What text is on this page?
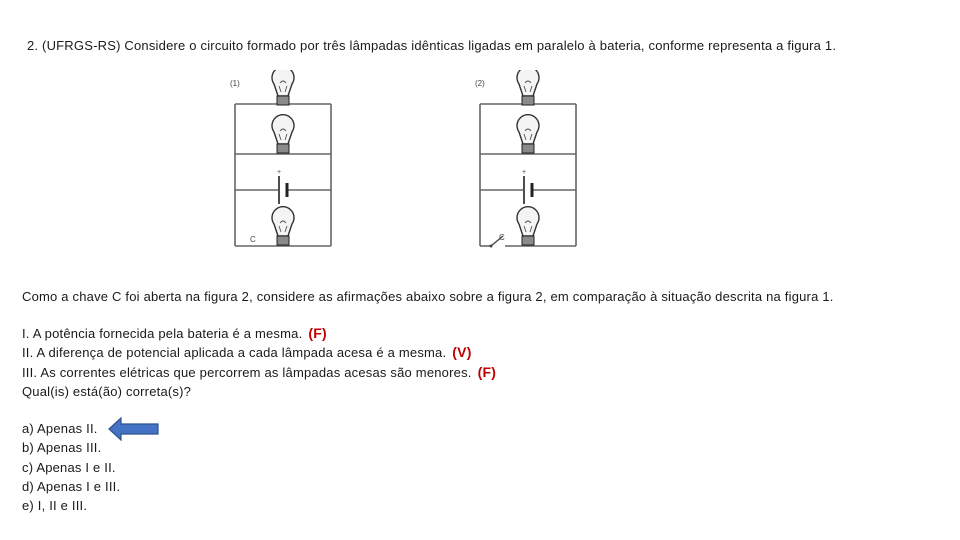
2. (UFRGS-RS) Considere o circuito formado por três lâmpadas idênticas ligadas em paralelo à bateria, conforme representa a figura 1.
(1)
+
C
(2)
+
C
Como a chave C foi aberta na figura 2, considere as afirmações abaixo sobre a figura 2, em comparação à situação descrita na figura 1.
I. A potência fornecida pela bateria é a mesma. (F)
II. A diferença de potencial aplicada a cada lâmpada acesa é a mesma. (V)
III. As correntes elétricas que percorrem as lâmpadas acesas são menores. (F)
Qual(is) está(ão) correta(s)?
a) Apenas II.
b) Apenas III.
c) Apenas I e II.
d) Apenas I e III.
e) I, II e III.
